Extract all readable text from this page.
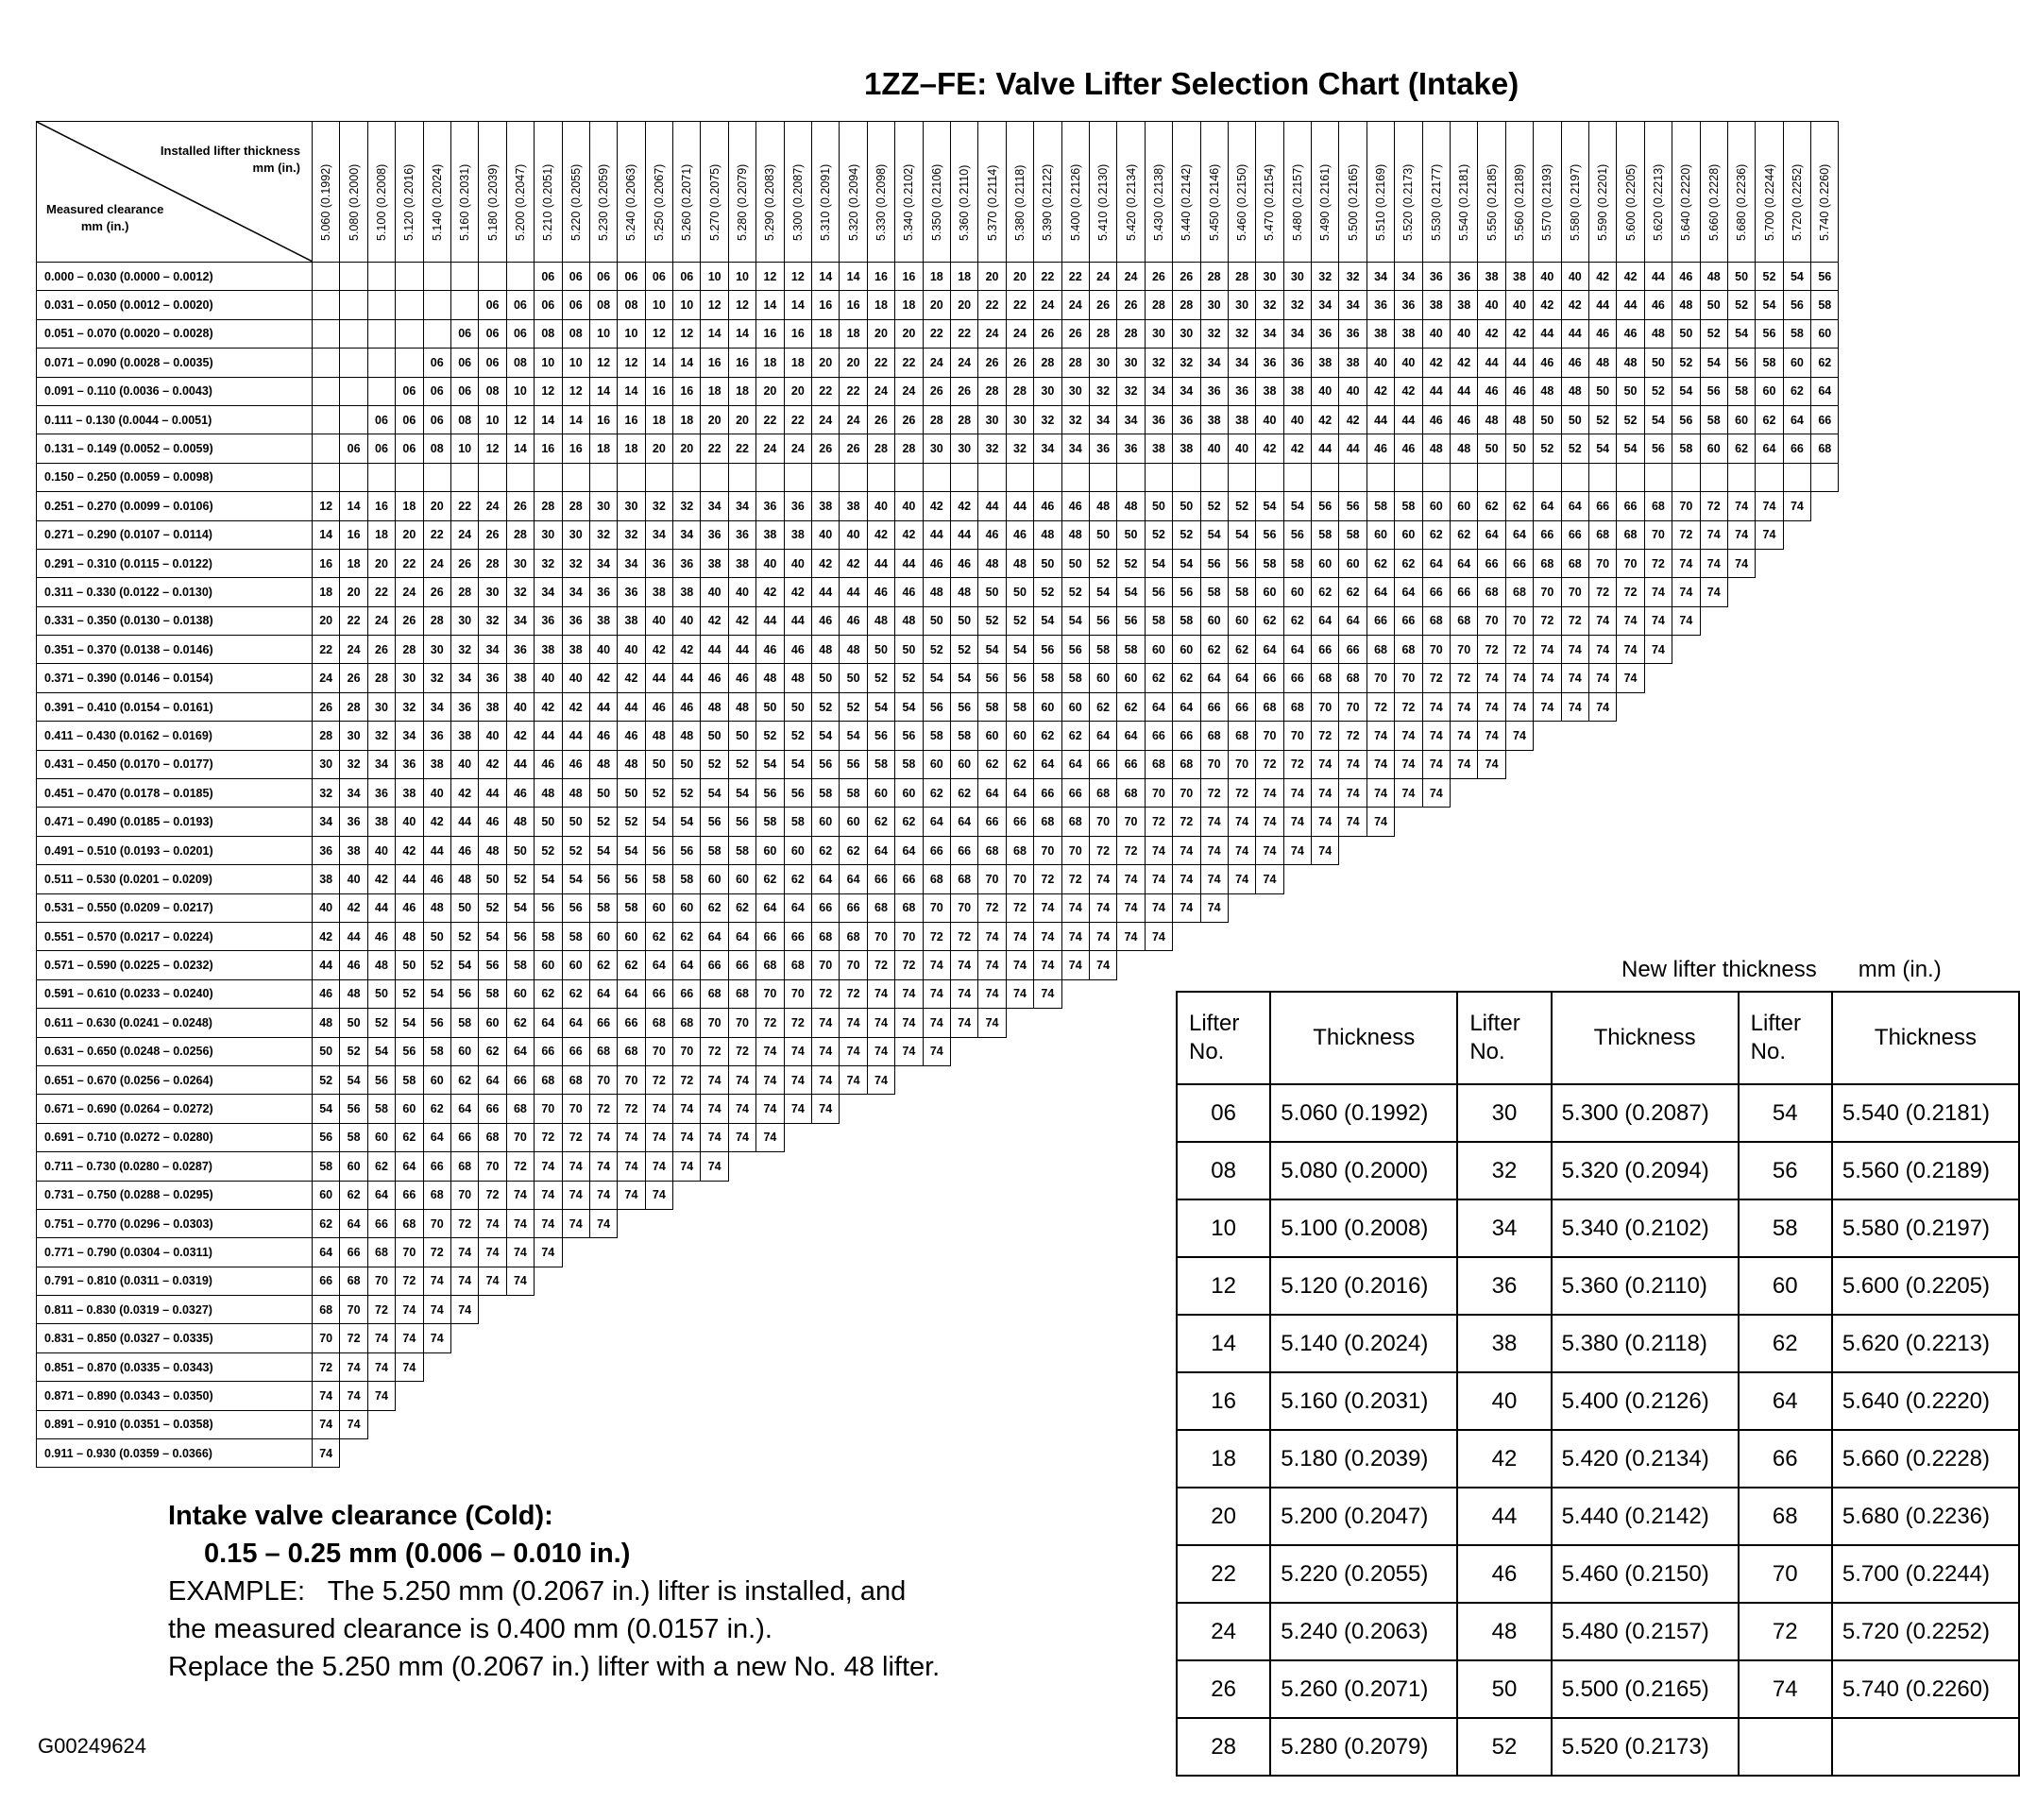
1ZZ–FE: Valve Lifter Selection Chart (Intake)
Installed lifter thickness
mm (in.)
Measured clearance
mm (in.)	5.060 (0.1992)	5.080 (0.2000)	5.100 (0.2008)	5.120 (0.2016)	5.140 (0.2024)	5.160 (0.2031)	5.180 (0.2039)	5.200 (0.2047)	5.210 (0.2051)	5.220 (0.2055)	5.230 (0.2059)	5.240 (0.2063)	5.250 (0.2067)	5.260 (0.2071)	5.270 (0.2075)	5.280 (0.2079)	5.290 (0.2083)	5.300 (0.2087)	5.310 (0.2091)	5.320 (0.2094)	5.330 (0.2098)	5.340 (0.2102)	5.350 (0.2106)	5.360 (0.2110)	5.370 (0.2114)	5.380 (0.2118)	5.390 (0.2122)	5.400 (0.2126)	5.410 (0.2130)	5.420 (0.2134)	5.430 (0.2138)	5.440 (0.2142)	5.450 (0.2146)	5.460 (0.2150)	5.470 (0.2154)	5.480 (0.2157)	5.490 (0.2161)	5.500 (0.2165)	5.510 (0.2169)	5.520 (0.2173)	5.530 (0.2177)	5.540 (0.2181)	5.550 (0.2185)	5.560 (0.2189)	5.570 (0.2193)	5.580 (0.2197)	5.590 (0.2201)	5.600 (0.2205)	5.620 (0.2213)	5.640 (0.2220)	5.660 (0.2228)	5.680 (0.2236)	5.700 (0.2244)	5.720 (0.2252)	5.740 (0.2260)

0.000 – 0.030 (0.0000 – 0.0012)									06	06	06	06	06	06	10	10	12	12	14	14	16	16	18	18	20	20	22	22	24	24	26	26	28	28	30	30	32	32	34	34	36	36	38	38	40	40	42	42	44	46	48	50	52	54	56
0.031 – 0.050 (0.0012 – 0.0020)							06	06	06	06	08	08	10	10	12	12	14	14	16	16	18	18	20	20	22	22	24	24	26	26	28	28	30	30	32	32	34	34	36	36	38	38	40	40	42	42	44	44	46	48	50	52	54	56	58
0.051 – 0.070 (0.0020 – 0.0028)						06	06	06	08	08	10	10	12	12	14	14	16	16	18	18	20	20	22	22	24	24	26	26	28	28	30	30	32	32	34	34	36	36	38	38	40	40	42	42	44	44	46	46	48	50	52	54	56	58	60
0.071 – 0.090 (0.0028 – 0.0035)					06	06	06	08	10	10	12	12	14	14	16	16	18	18	20	20	22	22	24	24	26	26	28	28	30	30	32	32	34	34	36	36	38	38	40	40	42	42	44	44	46	46	48	48	50	52	54	56	58	60	62
0.091 – 0.110 (0.0036 – 0.0043)				06	06	06	08	10	12	12	14	14	16	16	18	18	20	20	22	22	24	24	26	26	28	28	30	30	32	32	34	34	36	36	38	38	40	40	42	42	44	44	46	46	48	48	50	50	52	54	56	58	60	62	64
0.111 – 0.130 (0.0044 – 0.0051)			06	06	06	08	10	12	14	14	16	16	18	18	20	20	22	22	24	24	26	26	28	28	30	30	32	32	34	34	36	36	38	38	40	40	42	42	44	44	46	46	48	48	50	50	52	52	54	56	58	60	62	64	66
0.131 – 0.149 (0.0052 – 0.0059)		06	06	06	08	10	12	14	16	16	18	18	20	20	22	22	24	24	26	26	28	28	30	30	32	32	34	34	36	36	38	38	40	40	42	42	44	44	46	46	48	48	50	50	52	52	54	54	56	58	60	62	64	66	68
0.150 – 0.250 (0.0059 – 0.0098)																																																							
0.251 – 0.270 (0.0099 – 0.0106)	12	14	16	18	20	22	24	26	28	28	30	30	32	32	34	34	36	36	38	38	40	40	42	42	44	44	46	46	48	48	50	50	52	52	54	54	56	56	58	58	60	60	62	62	64	64	66	66	68	70	72	74	74	74	
0.271 – 0.290 (0.0107 – 0.0114)	14	16	18	20	22	24	26	28	30	30	32	32	34	34	36	36	38	38	40	40	42	42	44	44	46	46	48	48	50	50	52	52	54	54	56	56	58	58	60	60	62	62	64	64	66	66	68	68	70	72	74	74	74		
0.291 – 0.310 (0.0115 – 0.0122)	16	18	20	22	24	26	28	30	32	32	34	34	36	36	38	38	40	40	42	42	44	44	46	46	48	48	50	50	52	52	54	54	56	56	58	58	60	60	62	62	64	64	66	66	68	68	70	70	72	74	74	74			
0.311 – 0.330 (0.0122 – 0.0130)	18	20	22	24	26	28	30	32	34	34	36	36	38	38	40	40	42	42	44	44	46	46	48	48	50	50	52	52	54	54	56	56	58	58	60	60	62	62	64	64	66	66	68	68	70	70	72	72	74	74	74				
0.331 – 0.350 (0.0130 – 0.0138)	20	22	24	26	28	30	32	34	36	36	38	38	40	40	42	42	44	44	46	46	48	48	50	50	52	52	54	54	56	56	58	58	60	60	62	62	64	64	66	66	68	68	70	70	72	72	74	74	74	74					
0.351 – 0.370 (0.0138 – 0.0146)	22	24	26	28	30	32	34	36	38	38	40	40	42	42	44	44	46	46	48	48	50	50	52	52	54	54	56	56	58	58	60	60	62	62	64	64	66	66	68	68	70	70	72	72	74	74	74	74	74						
0.371 – 0.390 (0.0146 – 0.0154)	24	26	28	30	32	34	36	38	40	40	42	42	44	44	46	46	48	48	50	50	52	52	54	54	56	56	58	58	60	60	62	62	64	64	66	66	68	68	70	70	72	72	74	74	74	74	74	74							
0.391 – 0.410 (0.0154 – 0.0161)	26	28	30	32	34	36	38	40	42	42	44	44	46	46	48	48	50	50	52	52	54	54	56	56	58	58	60	60	62	62	64	64	66	66	68	68	70	70	72	72	74	74	74	74	74	74	74								
0.411 – 0.430 (0.0162 – 0.0169)	28	30	32	34	36	38	40	42	44	44	46	46	48	48	50	50	52	52	54	54	56	56	58	58	60	60	62	62	64	64	66	66	68	68	70	70	72	72	74	74	74	74	74	74											
0.431 – 0.450 (0.0170 – 0.0177)	30	32	34	36	38	40	42	44	46	46	48	48	50	50	52	52	54	54	56	56	58	58	60	60	62	62	64	64	66	66	68	68	70	70	72	72	74	74	74	74	74	74	74												
0.451 – 0.470 (0.0178 – 0.0185)	32	34	36	38	40	42	44	46	48	48	50	50	52	52	54	54	56	56	58	58	60	60	62	62	64	64	66	66	68	68	70	70	72	72	74	74	74	74	74	74	74														
0.471 – 0.490 (0.0185 – 0.0193)	34	36	38	40	42	44	46	48	50	50	52	52	54	54	56	56	58	58	60	60	62	62	64	64	66	66	68	68	70	70	72	72	74	74	74	74	74	74	74																
0.491 – 0.510 (0.0193 – 0.0201)	36	38	40	42	44	46	48	50	52	52	54	54	56	56	58	58	60	60	62	62	64	64	66	66	68	68	70	70	72	72	74	74	74	74	74	74	74																		
0.511 – 0.530 (0.0201 – 0.0209)	38	40	42	44	46	48	50	52	54	54	56	56	58	58	60	60	62	62	64	64	66	66	68	68	70	70	72	72	74	74	74	74	74	74	74																				
0.531 – 0.550 (0.0209 – 0.0217)	40	42	44	46	48	50	52	54	56	56	58	58	60	60	62	62	64	64	66	66	68	68	70	70	72	72	74	74	74	74	74	74	74																						
0.551 – 0.570 (0.0217 – 0.0224)	42	44	46	48	50	52	54	56	58	58	60	60	62	62	64	64	66	66	68	68	70	70	72	72	74	74	74	74	74	74	74																								
0.571 – 0.590 (0.0225 – 0.0232)	44	46	48	50	52	54	56	58	60	60	62	62	64	64	66	66	68	68	70	70	72	72	74	74	74	74	74	74	74																										
0.591 – 0.610 (0.0233 – 0.0240)	46	48	50	52	54	56	58	60	62	62	64	64	66	66	68	68	70	70	72	72	74	74	74	74	74	74	74																												
0.611 – 0.630 (0.0241 – 0.0248)	48	50	52	54	56	58	60	62	64	64	66	66	68	68	70	70	72	72	74	74	74	74	74	74	74																														
0.631 – 0.650 (0.0248 – 0.0256)	50	52	54	56	58	60	62	64	66	66	68	68	70	70	72	72	74	74	74	74	74	74	74																																
0.651 – 0.670 (0.0256 – 0.0264)	52	54	56	58	60	62	64	66	68	68	70	70	72	72	74	74	74	74	74	74	74																																		
0.671 – 0.690 (0.0264 – 0.0272)	54	56	58	60	62	64	66	68	70	70	72	72	74	74	74	74	74	74	74																																				
0.691 – 0.710 (0.0272 – 0.0280)	56	58	60	62	64	66	68	70	72	72	74	74	74	74	74	74	74																																						
0.711 – 0.730 (0.0280 – 0.0287)	58	60	62	64	66	68	70	72	74	74	74	74	74	74	74																																								
0.731 – 0.750 (0.0288 – 0.0295)	60	62	64	66	68	70	72	74	74	74	74	74	74																																										
0.751 – 0.770 (0.0296 – 0.0303)	62	64	66	68	70	72	74	74	74	74	74																																												
0.771 – 0.790 (0.0304 – 0.0311)	64	66	68	70	72	74	74	74	74																																														
0.791 – 0.810 (0.0311 – 0.0319)	66	68	70	72	74	74	74	74																																															
0.811 – 0.830 (0.0319 – 0.0327)	68	70	72	74	74	74																																																	
0.831 – 0.850 (0.0327 – 0.0335)	70	72	74	74	74																																																		
0.851 – 0.870 (0.0335 – 0.0343)	72	74	74	74																																																			
0.871 – 0.890 (0.0343 – 0.0350)	74	74	74																																																				
0.891 – 0.910 (0.0351 – 0.0358)	74	74																																																					
0.911 – 0.930 (0.0359 – 0.0366)	74																																																						
New lifter thickness mm (in.)
Lifter No.	Thickness	Lifter No.	Thickness	Lifter No.	Thickness
06	5.060 (0.1992)	30	5.300 (0.2087)	54	5.540 (0.2181)
08	5.080 (0.2000)	32	5.320 (0.2094)	56	5.560 (0.2189)
10	5.100 (0.2008)	34	5.340 (0.2102)	58	5.580 (0.2197)
12	5.120 (0.2016)	36	5.360 (0.2110)	60	5.600 (0.2205)
14	5.140 (0.2024)	38	5.380 (0.2118)	62	5.620 (0.2213)
16	5.160 (0.2031)	40	5.400 (0.2126)	64	5.640 (0.2220)
18	5.180 (0.2039)	42	5.420 (0.2134)	66	5.660 (0.2228)
20	5.200 (0.2047)	44	5.440 (0.2142)	68	5.680 (0.2236)
22	5.220 (0.2055)	46	5.460 (0.2150)	70	5.700 (0.2244)
24	5.240 (0.2063)	48	5.480 (0.2157)	72	5.720 (0.2252)
26	5.260 (0.2071)	50	5.500 (0.2165)	74	5.740 (0.2260)
28	5.280 (0.2079)	52	5.520 (0.2173)		
Intake valve clearance (Cold):
0.15 – 0.25 mm (0.006 – 0.010 in.)
EXAMPLE:   The 5.250 mm (0.2067 in.) lifter is installed, and
the measured clearance is 0.400 mm (0.0157 in.).
Replace the 5.250 mm (0.2067 in.) lifter with a new No. 48 lifter.
G00249624
